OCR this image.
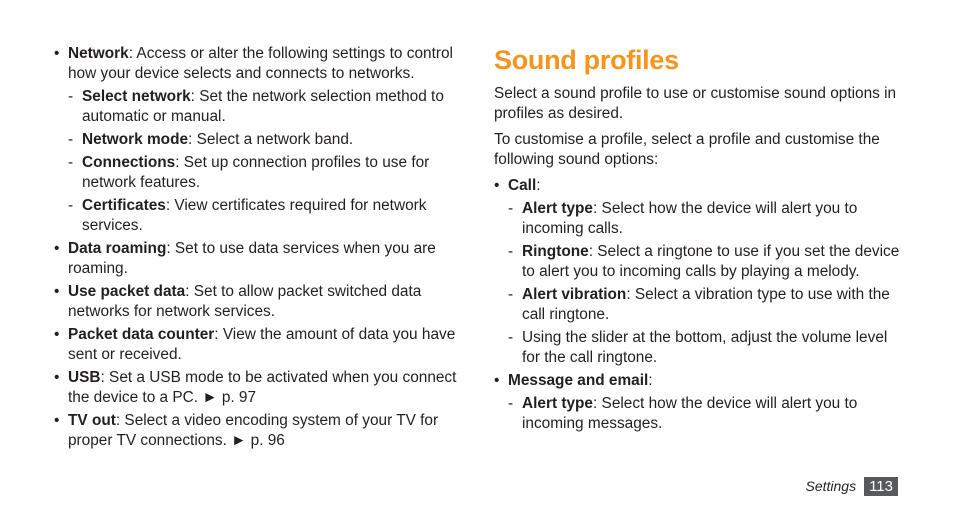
• Network: Access or alter the following settings to control how your device selects and connects to networks.
- Select network: Set the network selection method to automatic or manual.
- Network mode: Select a network band.
- Connections: Set up connection profiles to use for network features.
- Certificates: View certificates required for network services.
• Data roaming: Set to use data services when you are roaming.
• Use packet data: Set to allow packet switched data networks for network services.
• Packet data counter: View the amount of data you have sent or received.
• USB: Set a USB mode to be activated when you connect the device to a PC. ► p. 97
• TV out: Select a video encoding system of your TV for proper TV connections. ► p. 96
Sound profiles

Select a sound profile to use or customise sound options in profiles as desired.

To customise a profile, select a profile and customise the following sound options:

• Call:
- Alert type: Select how the device will alert you to incoming calls.
- Ringtone: Select a ringtone to use if you set the device to alert you to incoming calls by playing a melody.
- Alert vibration: Select a vibration type to use with the call ringtone.
- Using the slider at the bottom, adjust the volume level for the call ringtone.
• Message and email:
- Alert type: Select how the device will alert you to incoming messages.
Settings 113
